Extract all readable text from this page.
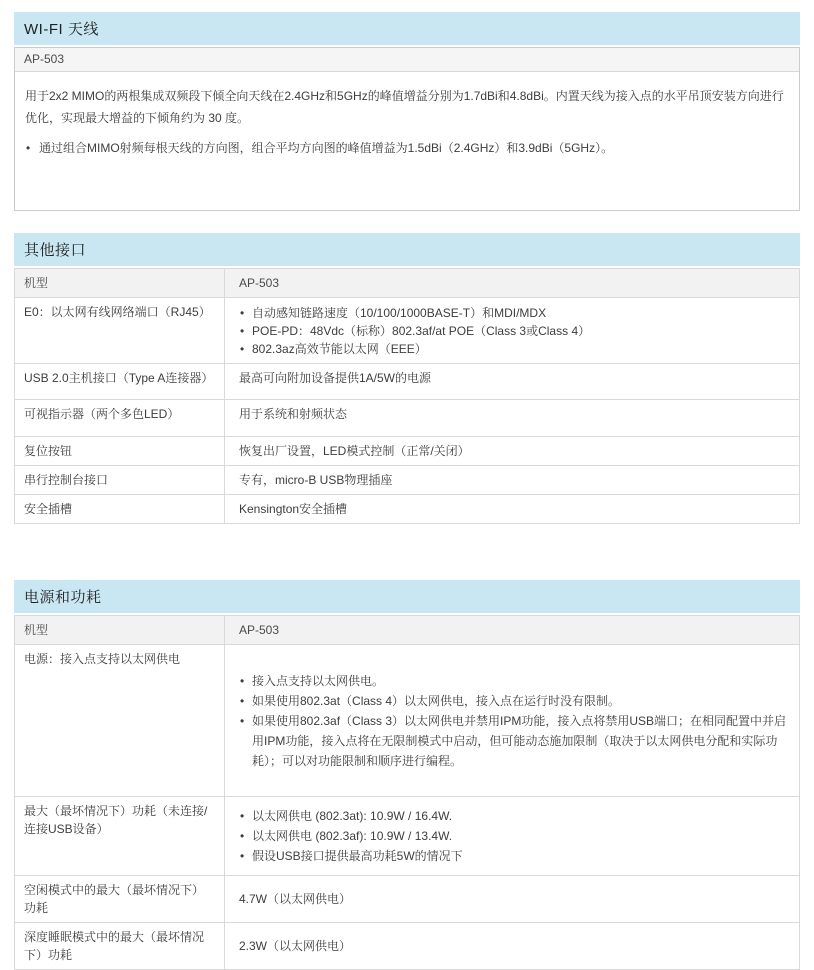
WI-FI 天线
AP-503

用于2x2 MIMO的两根集成双频段下倾全向天线在2.4GHz和5GHz的峰值增益分别为1.7dBi和4.8dBi。内置天线为接入点的水平吊顶安装方向进行优化，实现最大增益的下倾角约为 30 度。

• 通过组合MIMO射频每根天线的方向图，组合平均方向图的峰值增益为1.5dBi（2.4GHz）和3.9dBi（5GHz）。
其他接口
机型	AP-503
E0：以太网有线网络端口（RJ45）	
•自动感知链路速度（10/100/1000BASE-T）和MDI/MDX
• POE-PD：48Vdc（标称）802.3af/at POE（Class 3或Class 4）
• 802.3az高效节能以太网（EEE）

USB 2.0主机接口（Type A连接器）	最高可向附加设备提供1A/5W的电源
可视指示器（两个多色LED）	用于系统和射频状态
复位按钮	恢复出厂设置，LED模式控制（正常/关闭）
串行控制台接口	专有，micro-B USB物理插座
安全插槽	Kensington安全插槽
电源和功耗
机型	AP-503
电源：接入点支持以太网供电	
• 接入点支持以太网供电。
• 如果使用802.3at（Class 4）以太网供电，接入点在运行时没有限制。
• 如果使用802.3af（Class 3）以太网供电并禁用IPM功能，接入点将禁用USB端口；在相同配置中并启用IPM功能，接入点将在无限制模式中启动，但可能动态施加限制（取决于以太网供电分配和实际功耗）；可以对功能限制和顺序进行编程。

最大（最坏情况下）功耗（未连接/连接USB设备）	
• 以太网供电 (802.3at): 10.9W / 16.4W.
• 以太网供电 (802.3af): 10.9W / 13.4W.
• 假设USB接口提供最高功耗5W的情况下

空闲模式中的最大（最坏情况下）功耗	4.7W（以太网供电）
深度睡眠模式中的最大（最坏情况下）功耗	2.3W（以太网供电）
